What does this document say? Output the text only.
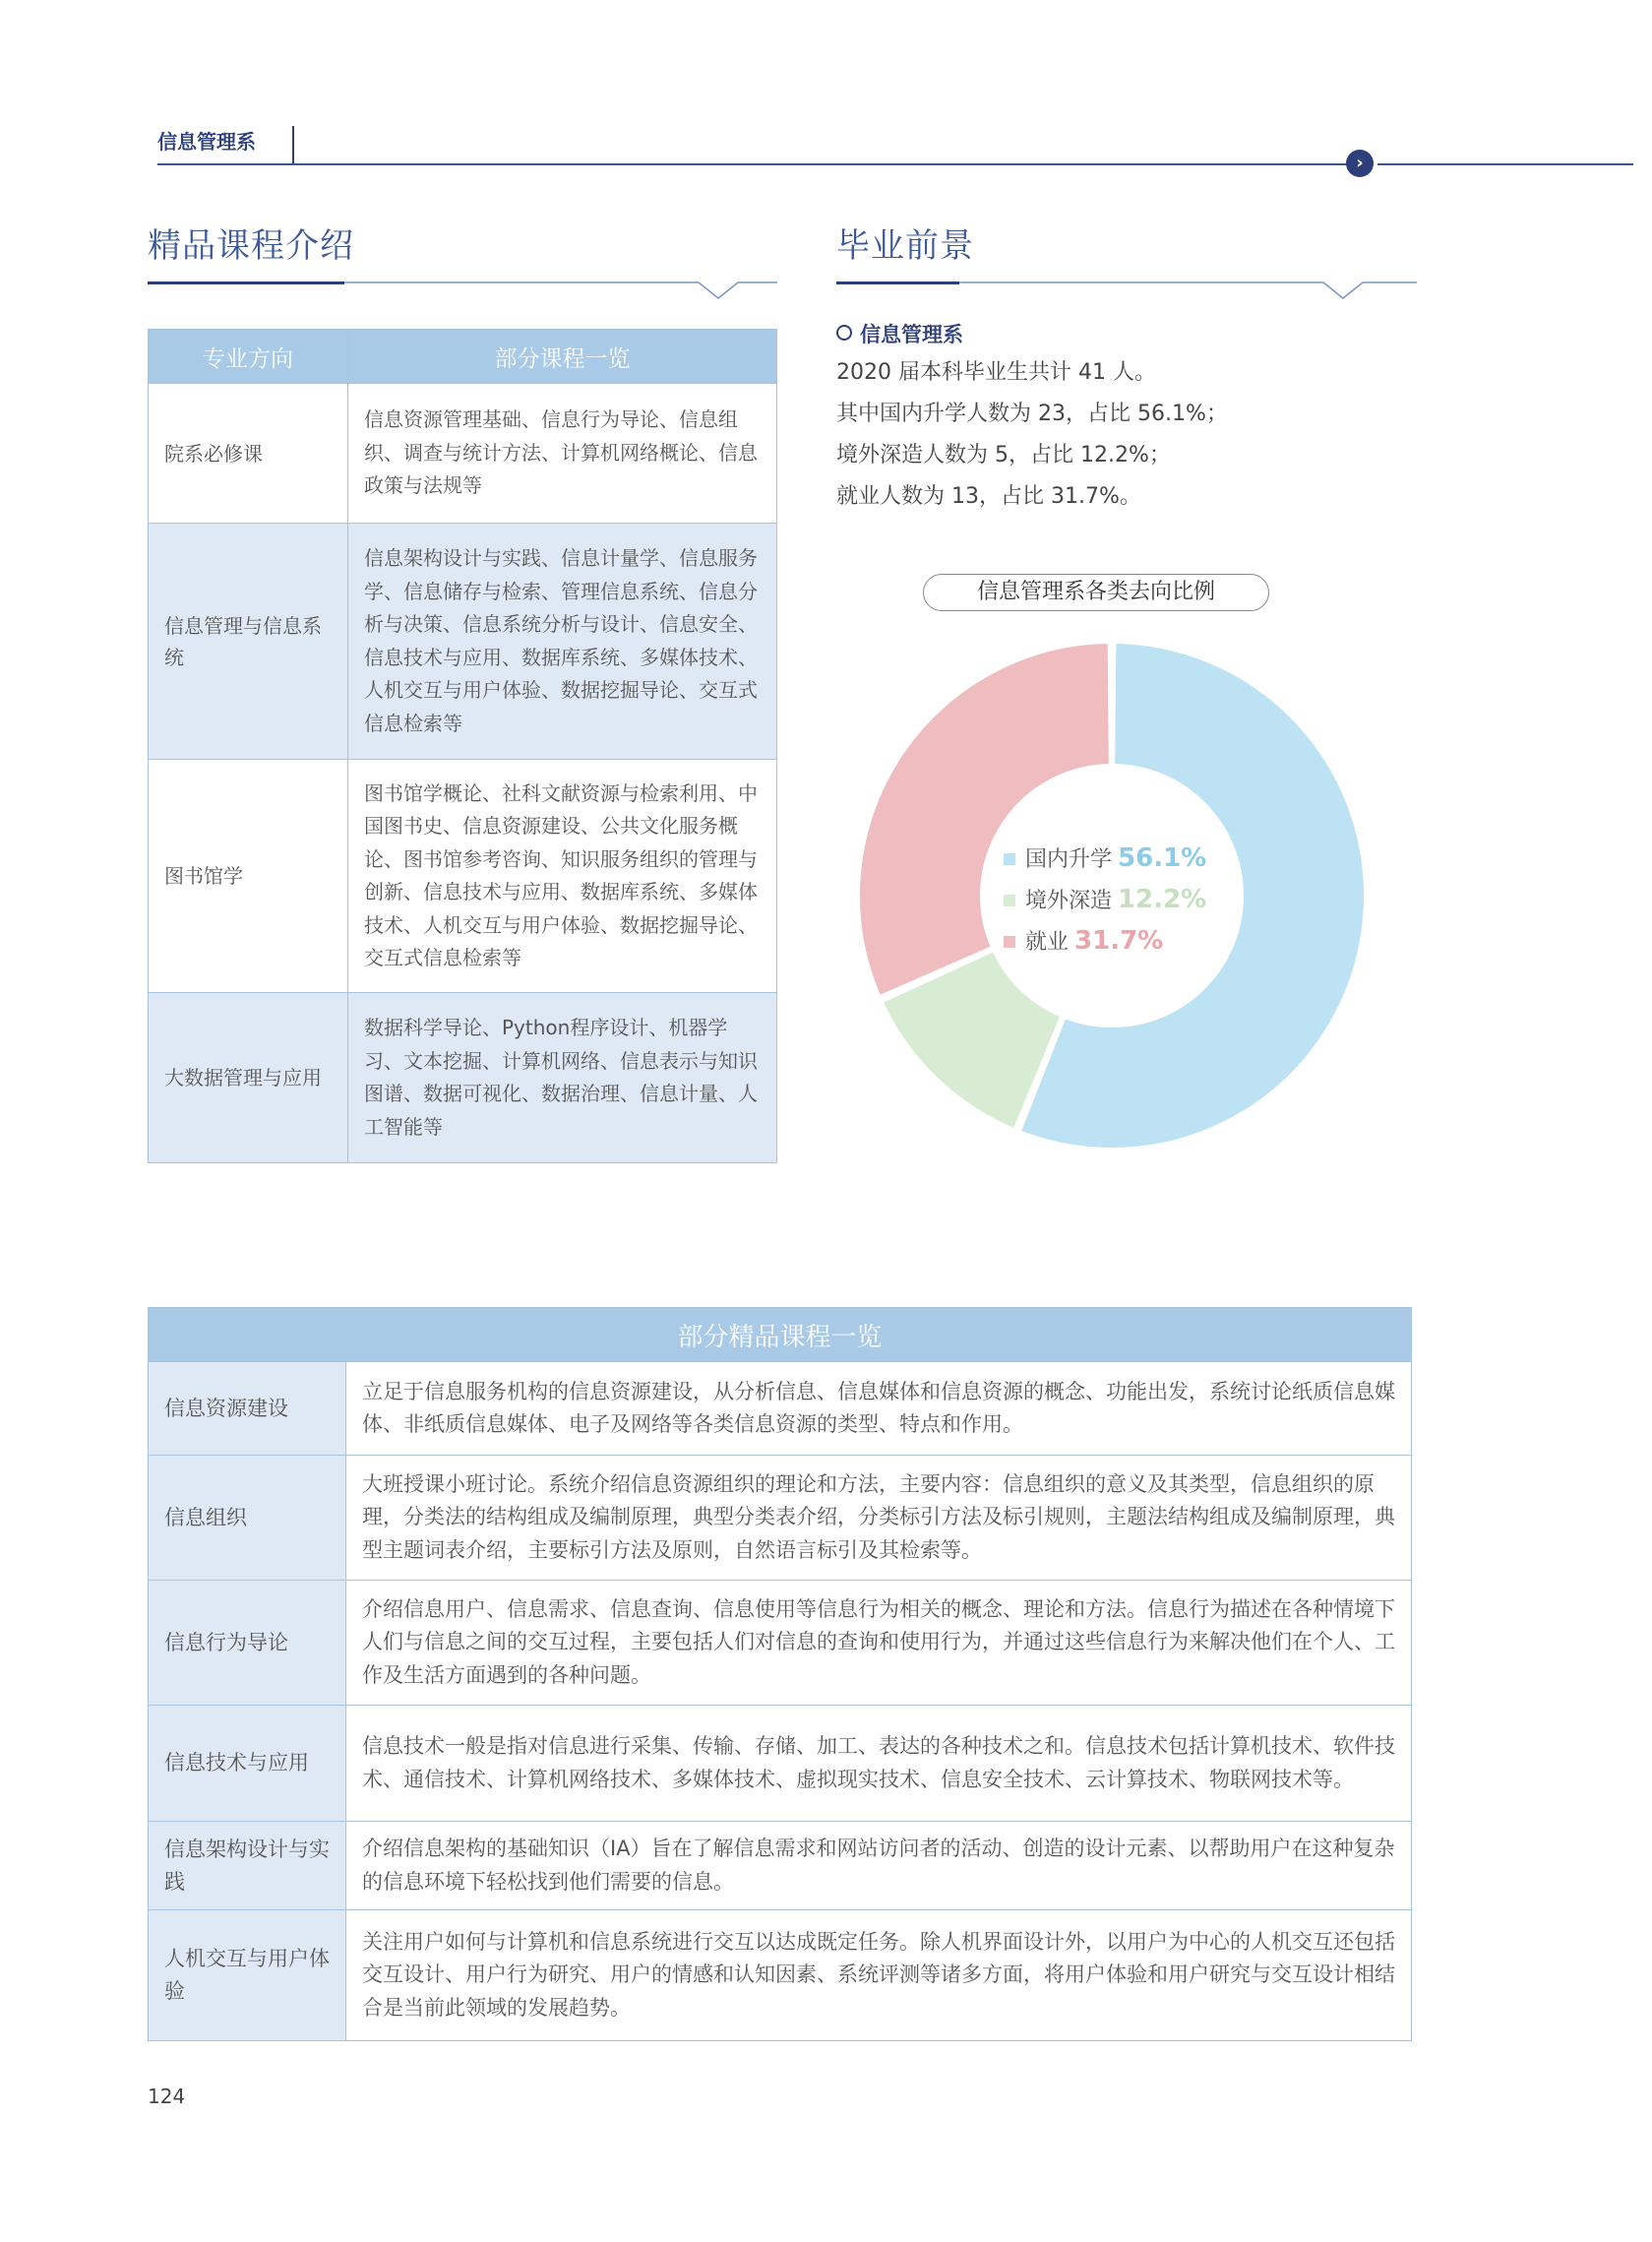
信息管理系
›
精品课程介绍
专业方向	部分课程一览
院系必修课	信息资源管理基础、信息行为导论、信息组织、调查与统计方法、计算机网络概论、信息政策与法规等
信息管理与信息系统	信息架构设计与实践、信息计量学、信息服务学、信息储存与检索、管理信息系统、信息分析与决策、信息系统分析与设计、信息安全、信息技术与应用、数据库系统、多媒体技术、人机交互与用户体验、数据挖掘导论、交互式信息检索等
图书馆学	图书馆学概论、社科文献资源与检索利用、中国图书史、信息资源建设、公共文化服务概论、图书馆参考咨询、知识服务组织的管理与创新、信息技术与应用、数据库系统、多媒体技术、人机交互与用户体验、数据挖掘导论、交互式信息检索等
大数据管理与应用	数据科学导论、Python程序设计、机器学习、文本挖掘、计算机网络、信息表示与知识图谱、数据可视化、数据治理、信息计量、人工智能等
毕业前景
信息管理系
2020 届本科毕业生共计 41 人。
其中国内升学人数为 23，占比 56.1%；
境外深造人数为 5，占比 12.2%；
就业人数为 13，占比 31.7%。
信息管理系各类去向比例
国内升学 56.1%
境外深造 12.2%
就业 31.7%
部分精品课程一览	
信息资源建设	立足于信息服务机构的信息资源建设，从分析信息、信息媒体和信息资源的概念、功能出发，系统讨论纸质信息媒体、非纸质信息媒体、电子及网络等各类信息资源的类型、特点和作用。
信息组织	大班授课小班讨论。系统介绍信息资源组织的理论和方法，主要内容：信息组织的意义及其类型，信息组织的原理，分类法的结构组成及编制原理，典型分类表介绍，分类标引方法及标引规则，主题法结构组成及编制原理，典型主题词表介绍，主要标引方法及原则，自然语言标引及其检索等。
信息行为导论	介绍信息用户、信息需求、信息查询、信息使用等信息行为相关的概念、理论和方法。信息行为描述在各种情境下人们与信息之间的交互过程，主要包括人们对信息的查询和使用行为，并通过这些信息行为来解决他们在个人、工作及生活方面遇到的各种问题。
信息技术与应用	信息技术一般是指对信息进行采集、传输、存储、加工、表达的各种技术之和。信息技术包括计算机技术、软件技术、通信技术、计算机网络技术、多媒体技术、虚拟现实技术、信息安全技术、云计算技术、物联网技术等。
信息架构设计与实践	介绍信息架构的基础知识（IA）旨在了解信息需求和网站访问者的活动、创造的设计元素、以帮助用户在这种复杂的信息环境下轻松找到他们需要的信息。
人机交互与用户体验	关注用户如何与计算机和信息系统进行交互以达成既定任务。除人机界面设计外，以用户为中心的人机交互还包括交互设计、用户行为研究、用户的情感和认知因素、系统评测等诸多方面，将用户体验和用户研究与交互设计相结合是当前此领域的发展趋势。
124
